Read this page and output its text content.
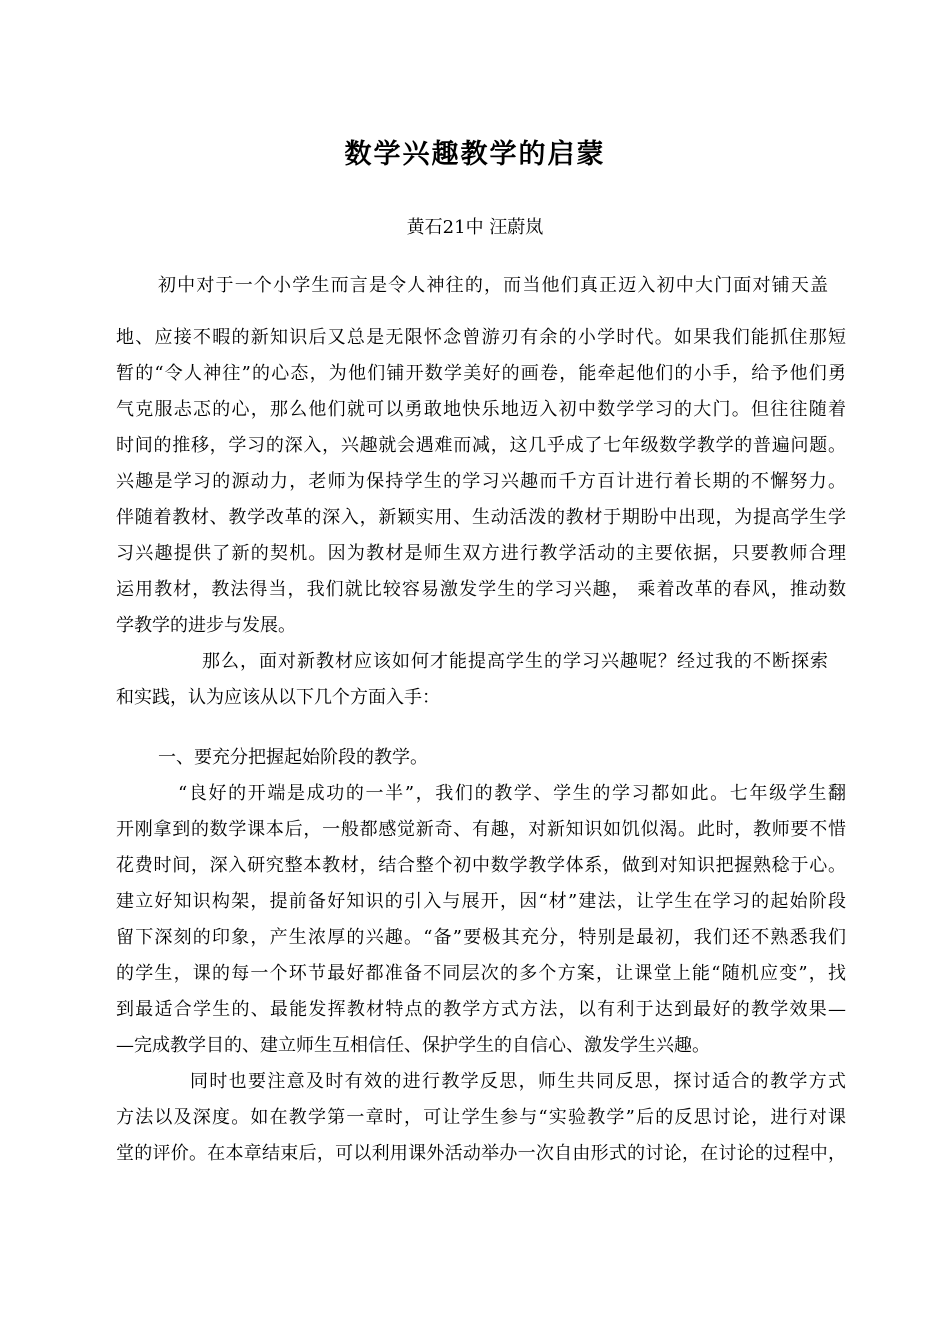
数学兴趣教学的启蒙
黄石21中 汪蔚岚
初中对于一个小学生而言是令人神往的，而当他们真正迈入初中大门面对铺天盖
地、应接不暇的新知识后又总是无限怀念曾游刃有余的小学时代。如果我们能抓住那短
暂的“令人神往”的心态，为他们铺开数学美好的画卷，能牵起他们的小手，给予他们勇
气克服忐忑的心，那么他们就可以勇敢地快乐地迈入初中数学学习的大门。但往往随着
时间的推移，学习的深入，兴趣就会遇难而减，这几乎成了七年级数学教学的普遍问题。
兴趣是学习的源动力，老师为保持学生的学习兴趣而千方百计进行着长期的不懈努力。
伴随着教材、教学改革的深入，新颖实用、生动活泼的教材于期盼中出现，为提高学生学
习兴趣提供了新的契机。因为教材是师生双方进行教学活动的主要依据，只要教师合理
运用教材，教法得当，我们就比较容易激发学生的学习兴趣， 乘着改革的春风，推动数
学教学的进步与发展。
那么，面对新教材应该如何才能提高学生的学习兴趣呢？经过我的不断探索
和实践，认为应该从以下几个方面入手：
一、要充分把握起始阶段的教学。
“良好的开端是成功的一半”，我们的教学、学生的学习都如此。七年级学生翻
开刚拿到的数学课本后，一般都感觉新奇、有趣，对新知识如饥似渴。此时，教师要不惜
花费时间，深入研究整本教材，结合整个初中数学教学体系，做到对知识把握熟稔于心。
建立好知识构架，提前备好知识的引入与展开，因“材”建法，让学生在学习的起始阶段
留下深刻的印象，产生浓厚的兴趣。“备”要极其充分，特别是最初，我们还不熟悉我们
的学生，课的每一个环节最好都准备不同层次的多个方案，让课堂上能“随机应变”，找
到最适合学生的、最能发挥教材特点的教学方式方法，以有利于达到最好的教学效果—
—完成教学目的、建立师生互相信任、保护学生的自信心、激发学生兴趣。
同时也要注意及时有效的进行教学反思，师生共同反思，探讨适合的教学方式
方法以及深度。如在教学第一章时，可让学生参与“实验教学”后的反思讨论，进行对课
堂的评价。在本章结束后，可以利用课外活动举办一次自由形式的讨论，在讨论的过程中，
